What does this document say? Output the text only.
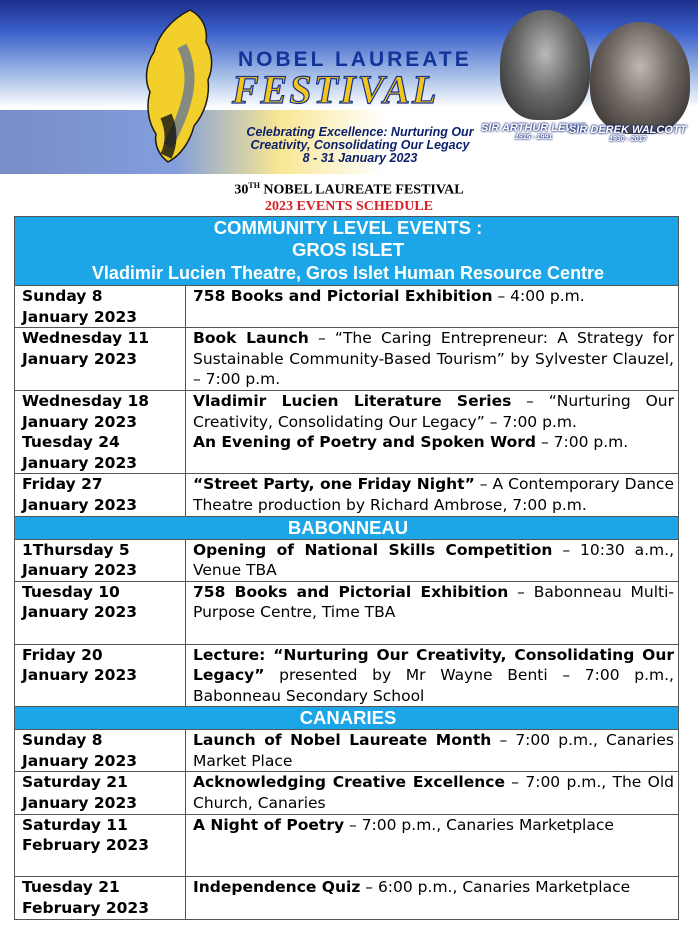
NOBEL LAUREATE
FESTIVAL
Celebrating Excellence: Nurturing Our
Creativity, Consolidating Our Legacy
8 - 31 January 2023
SIR ARTHUR LEWIS
1915 - 1991
SIR DEREK WALCOTT
1930 - 2017
30TH NOBEL LAUREATE FESTIVAL
2023 EVENTS SCHEDULE
COMMUNITY LEVEL EVENTS :
GROS ISLET
Vladimir Lucien Theatre, Gros Islet Human Resource Centre	

Sunday 8
January 2023	758 Books and Pictorial Exhibition – 4:00 p.m.

Wednesday 11
January 2023	Book Launch – “The Caring Entrepreneur: A Strategy for Sustainable Community-Based Tourism” by Sylvester Clauzel, – 7:00 p.m.

Wednesday 18
January 2023
Tuesday 24
January 2023	Vladimir Lucien Literature Series – “Nurturing Our Creativity, Consolidating Our Legacy” – 7:00 p.m.
An Evening of Poetry and Spoken Word – 7:00 p.m.

Friday 27
January 2023	“Street Party, one Friday Night” – A Contemporary Dance Theatre production by Richard Ambrose, 7:00 p.m.

BABONNEAU	

1Thursday 5
January 2023	Opening of National Skills Competition – 10:30 a.m., Venue TBA

Tuesday 10
January 2023	758 Books and Pictorial Exhibition – Babonneau Multi-Purpose Centre, Time TBA

Friday 20
January 2023	Lecture: “Nurturing Our Creativity, Consolidating Our Legacy” presented by Mr Wayne Benti – 7:00 p.m., Babonneau Secondary School

CANARIES	

Sunday 8
January 2023	Launch of Nobel Laureate Month – 7:00 p.m., Canaries Market Place

Saturday 21
January 2023	Acknowledging Creative Excellence – 7:00 p.m., The Old Church, Canaries

Saturday 11
February 2023	A Night of Poetry – 7:00 p.m., Canaries Marketplace

Tuesday 21
February 2023	Independence Quiz – 6:00 p.m., Canaries Marketplace
